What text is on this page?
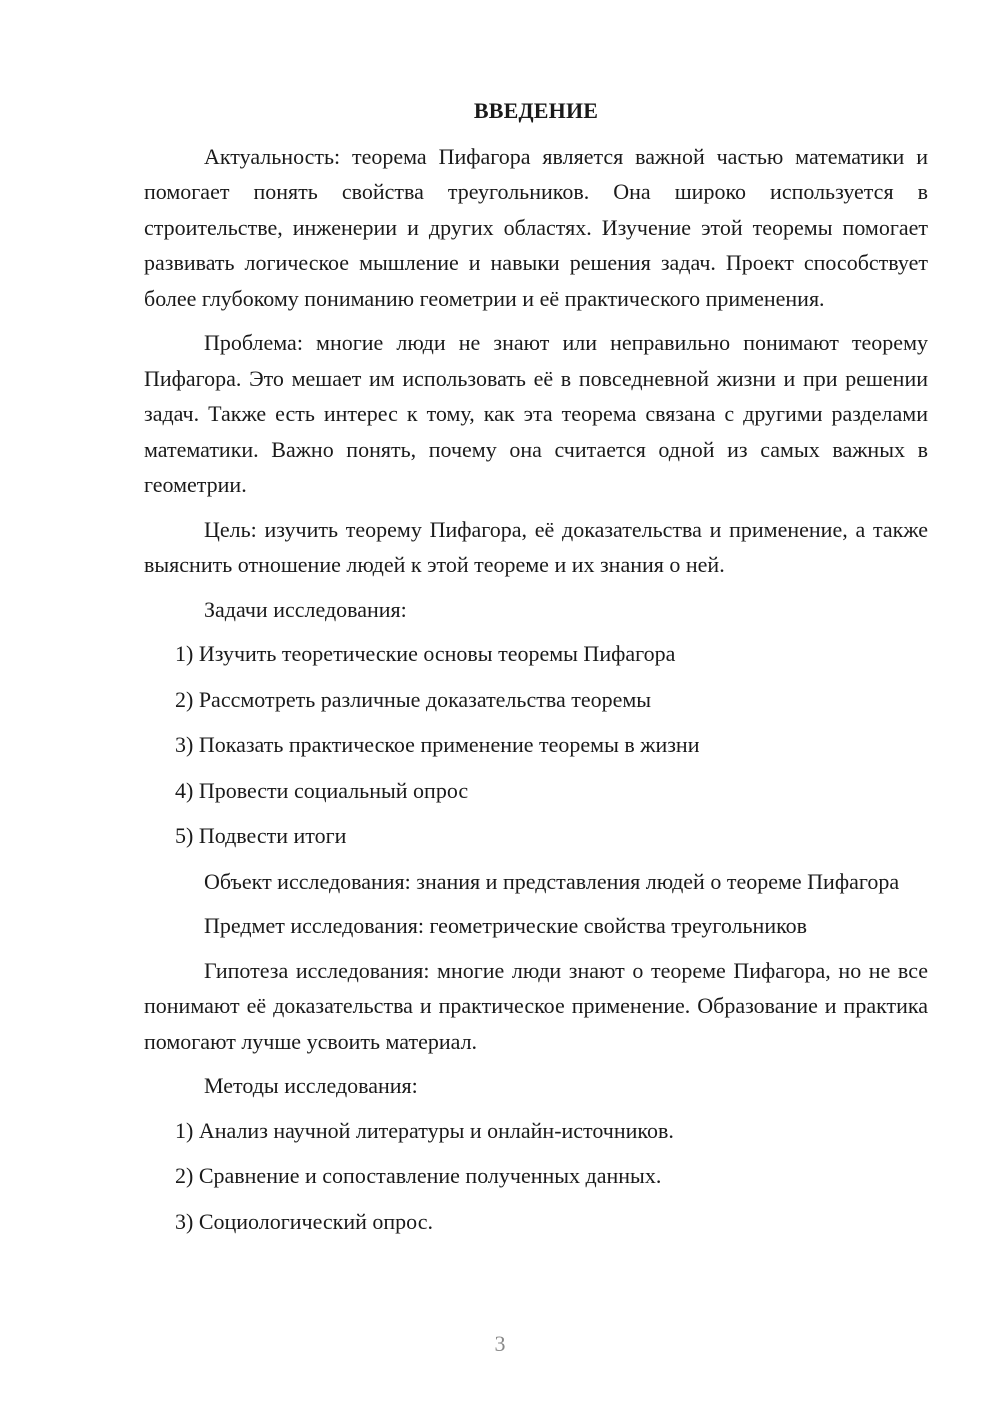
ВВЕДЕНИЕ

Актуальность: теорема Пифагора является важной частью математики и помогает понять свойства треугольников. Она широко используется в строительстве, инженерии и других областях. Изучение этой теоремы помогает развивать логическое мышление и навыки решения задач. Проект способствует более глубокому пониманию геометрии и её практического применения.

Проблема: многие люди не знают или неправильно понимают теорему Пифагора. Это мешает им использовать её в повседневной жизни и при решении задач. Также есть интерес к тому, как эта теорема связана с другими разделами математики. Важно понять, почему она считается одной из самых важных в геометрии.

Цель: изучить теорему Пифагора, её доказательства и применение, а также выяснить отношение людей к этой теореме и их знания о ней.

Задачи исследования:

1) Изучить теоретические основы теоремы Пифагора
2) Рассмотреть различные доказательства теоремы
3) Показать практическое применение теоремы в жизни
4) Провести социальный опрос
5) Подвести итоги

Объект исследования: знания и представления людей о теореме Пифагора

Предмет исследования: геометрические свойства треугольников

Гипотеза исследования: многие люди знают о теореме Пифагора, но не все понимают её доказательства и практическое применение. Образование и практика помогают лучше усвоить материал.

Методы исследования:

1) Анализ научной литературы и онлайн-источников.
2) Сравнение и сопоставление полученных данных.
3) Социологический опрос.
3
